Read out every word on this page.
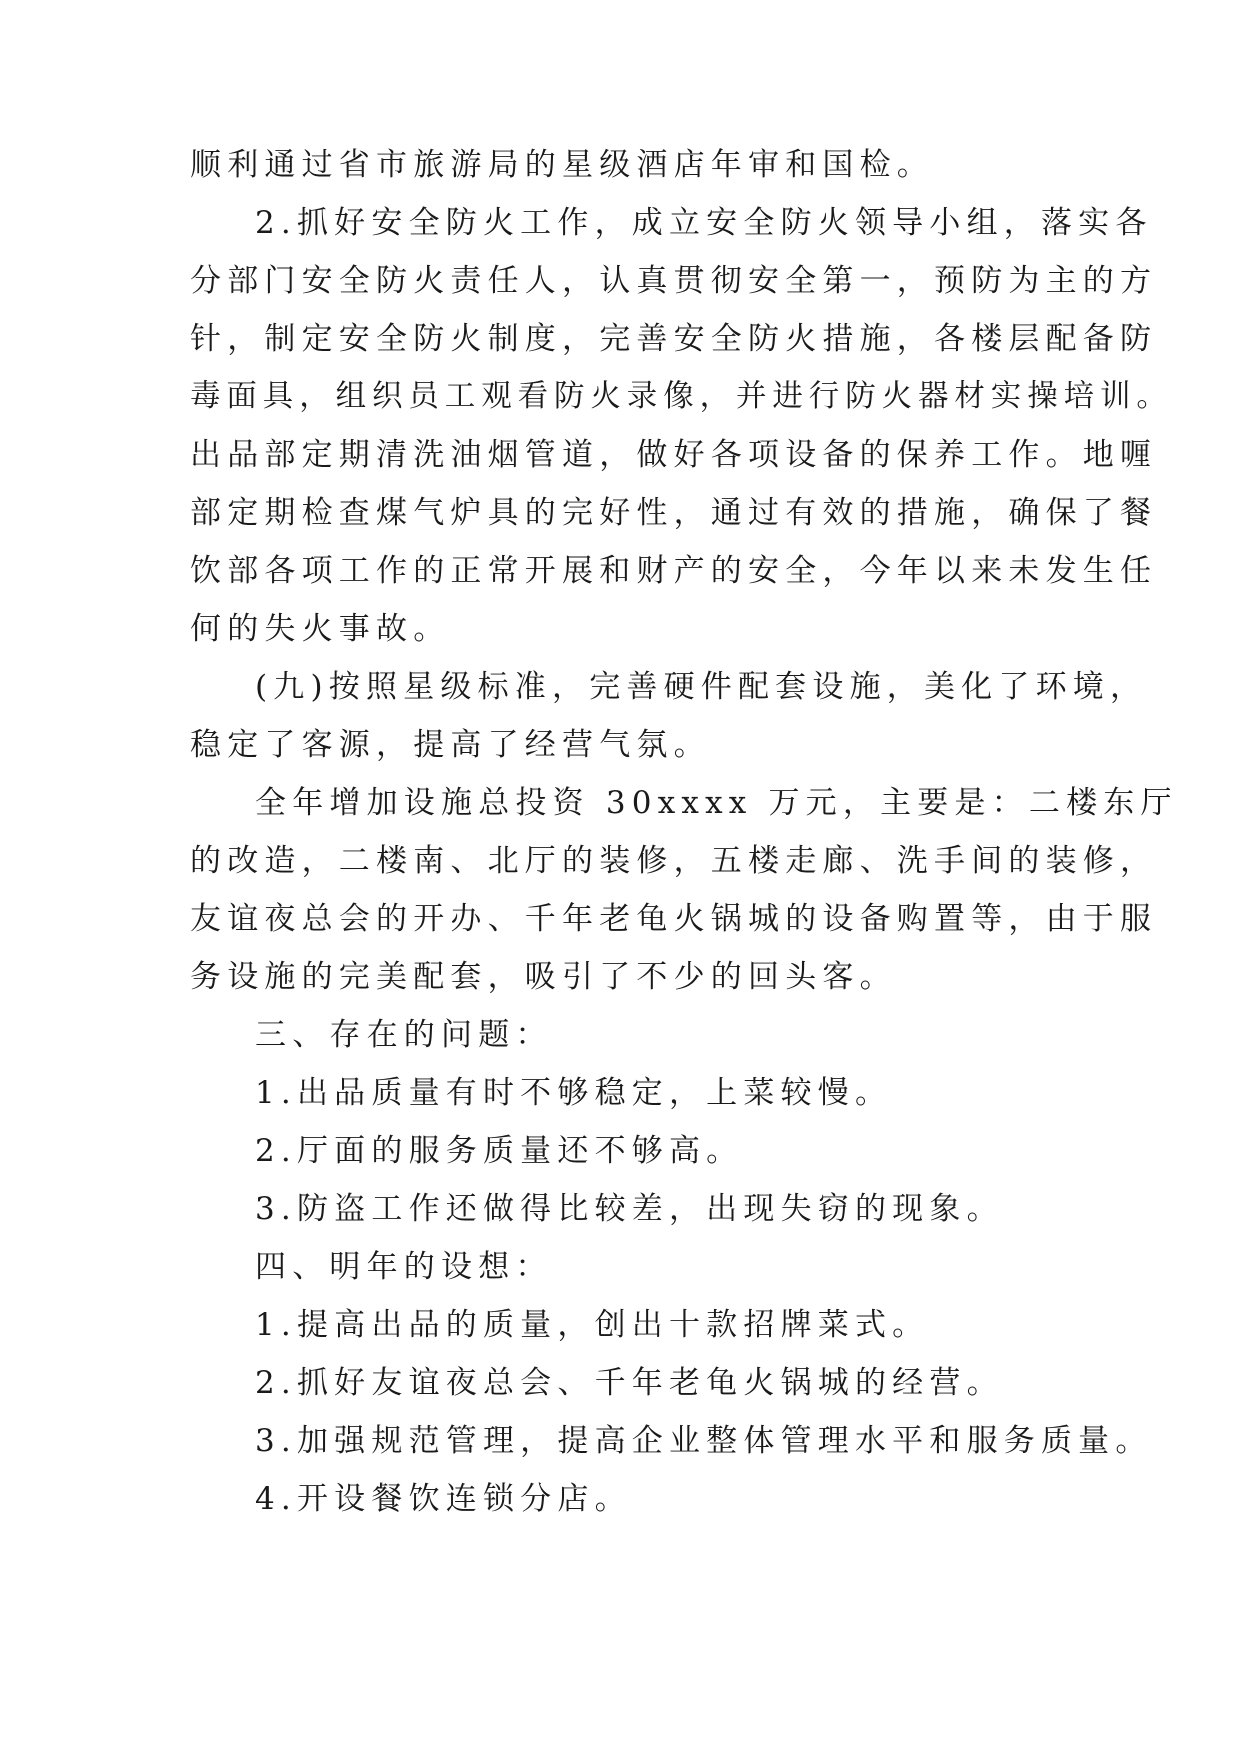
顺利通过省市旅游局的星级酒店年审和国检。
2.抓好安全防火工作，成立安全防火领导小组，落实各
分部门安全防火责任人，认真贯彻安全第一，预防为主的方
针，制定安全防火制度，完善安全防火措施，各楼层配备防
毒面具，组织员工观看防火录像，并进行防火器材实操培训。
出品部定期清洗油烟管道，做好各项设备的保养工作。地喱
部定期检查煤气炉具的完好性，通过有效的措施，确保了餐
饮部各项工作的正常开展和财产的安全，今年以来未发生任
何的失火事故。
(九)按照星级标准，完善硬件配套设施，美化了环境，
稳定了客源，提高了经营气氛。
全年增加设施总投资 30xxxx 万元，主要是：二楼东厅
的改造，二楼南、北厅的装修，五楼走廊、洗手间的装修，
友谊夜总会的开办、千年老龟火锅城的设备购置等，由于服
务设施的完美配套，吸引了不少的回头客。
三、存在的问题：
1.出品质量有时不够稳定，上菜较慢。
2.厅面的服务质量还不够高。
3.防盗工作还做得比较差，出现失窃的现象。
四、明年的设想：
1.提高出品的质量，创出十款招牌菜式。
2.抓好友谊夜总会、千年老龟火锅城的经营。
3.加强规范管理，提高企业整体管理水平和服务质量。
4.开设餐饮连锁分店。
